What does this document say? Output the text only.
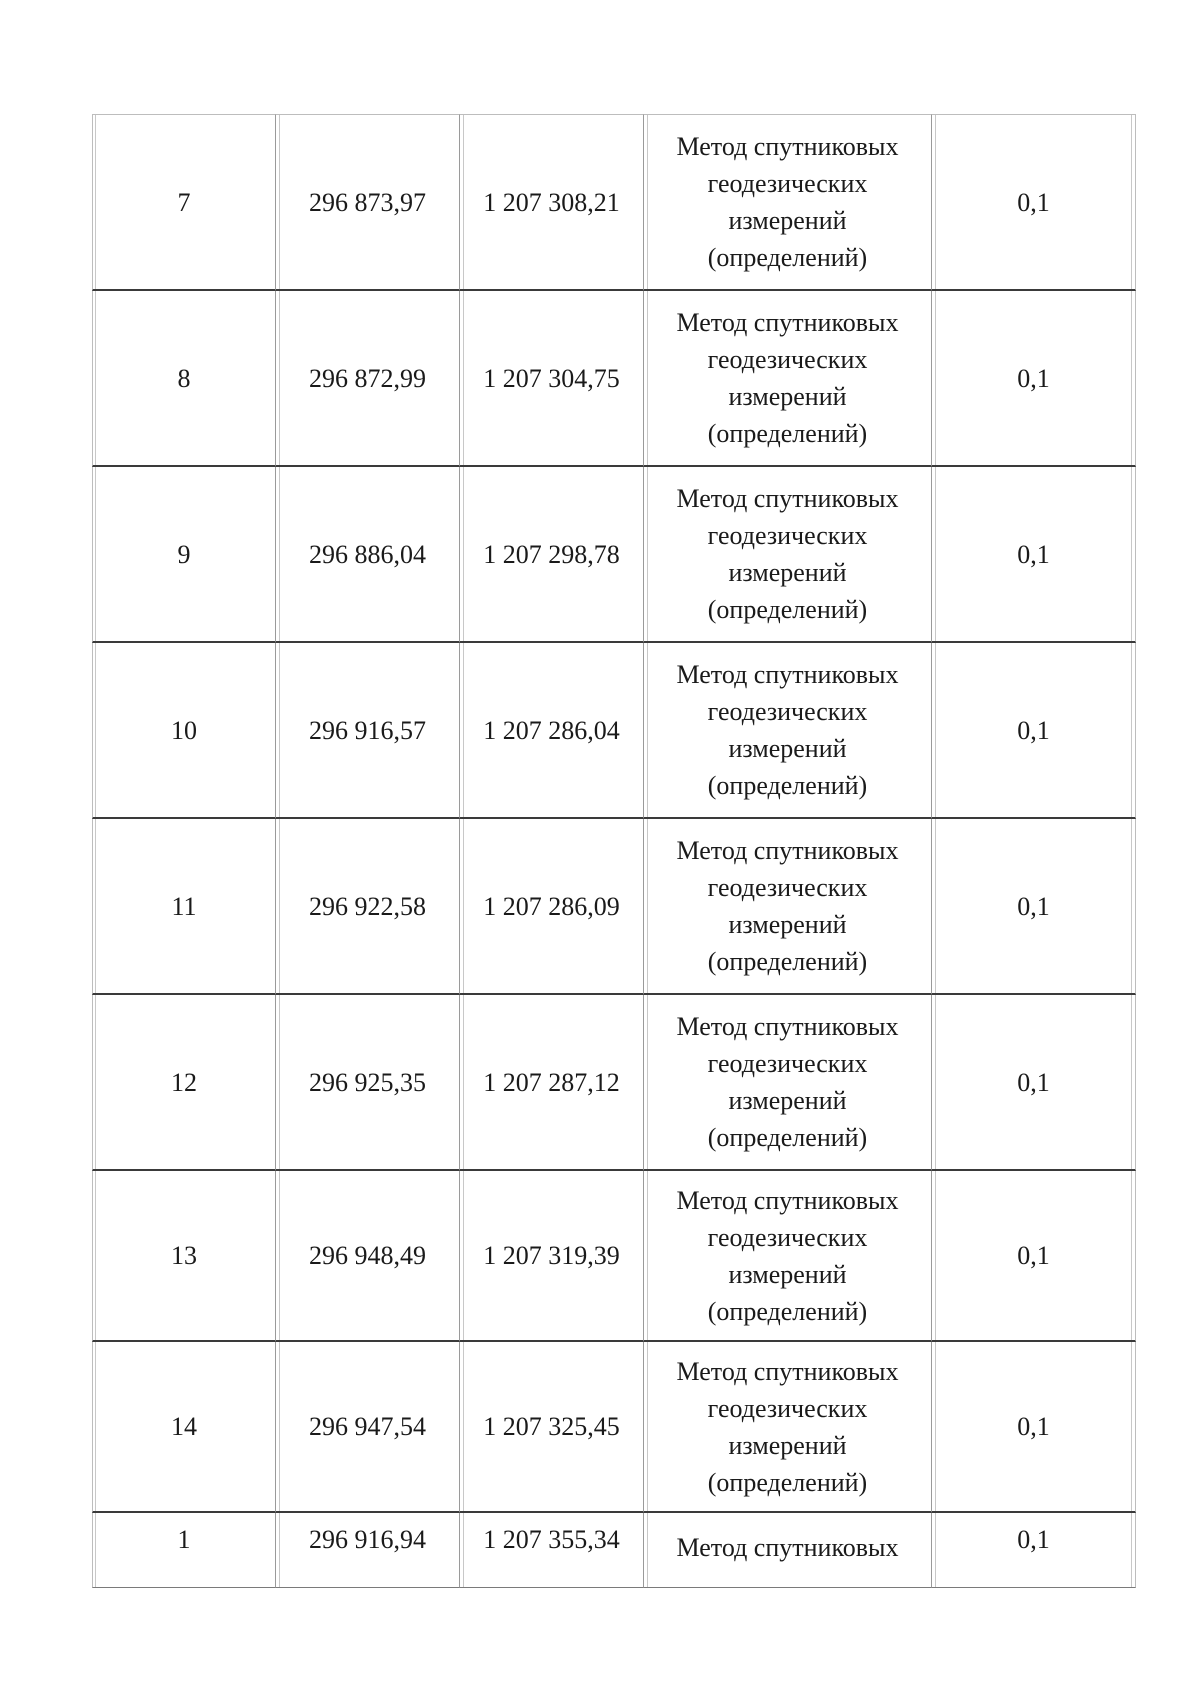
7	296 873,97	1 207 308,21	Метод спутниковых
геодезических
измерений
(определений)	0,1
8	296 872,99	1 207 304,75	Метод спутниковых
геодезических
измерений
(определений)	0,1
9	296 886,04	1 207 298,78	Метод спутниковых
геодезических
измерений
(определений)	0,1
10	296 916,57	1 207 286,04	Метод спутниковых
геодезических
измерений
(определений)	0,1
11	296 922,58	1 207 286,09	Метод спутниковых
геодезических
измерений
(определений)	0,1
12	296 925,35	1 207 287,12	Метод спутниковых
геодезических
измерений
(определений)	0,1
13	296 948,49	1 207 319,39	Метод спутниковых
геодезических
измерений
(определений)	0,1
14	296 947,54	1 207 325,45	Метод спутниковых
геодезических
измерений
(определений)	0,1
1	296 916,94	1 207 355,34	Метод спутниковых	0,1
